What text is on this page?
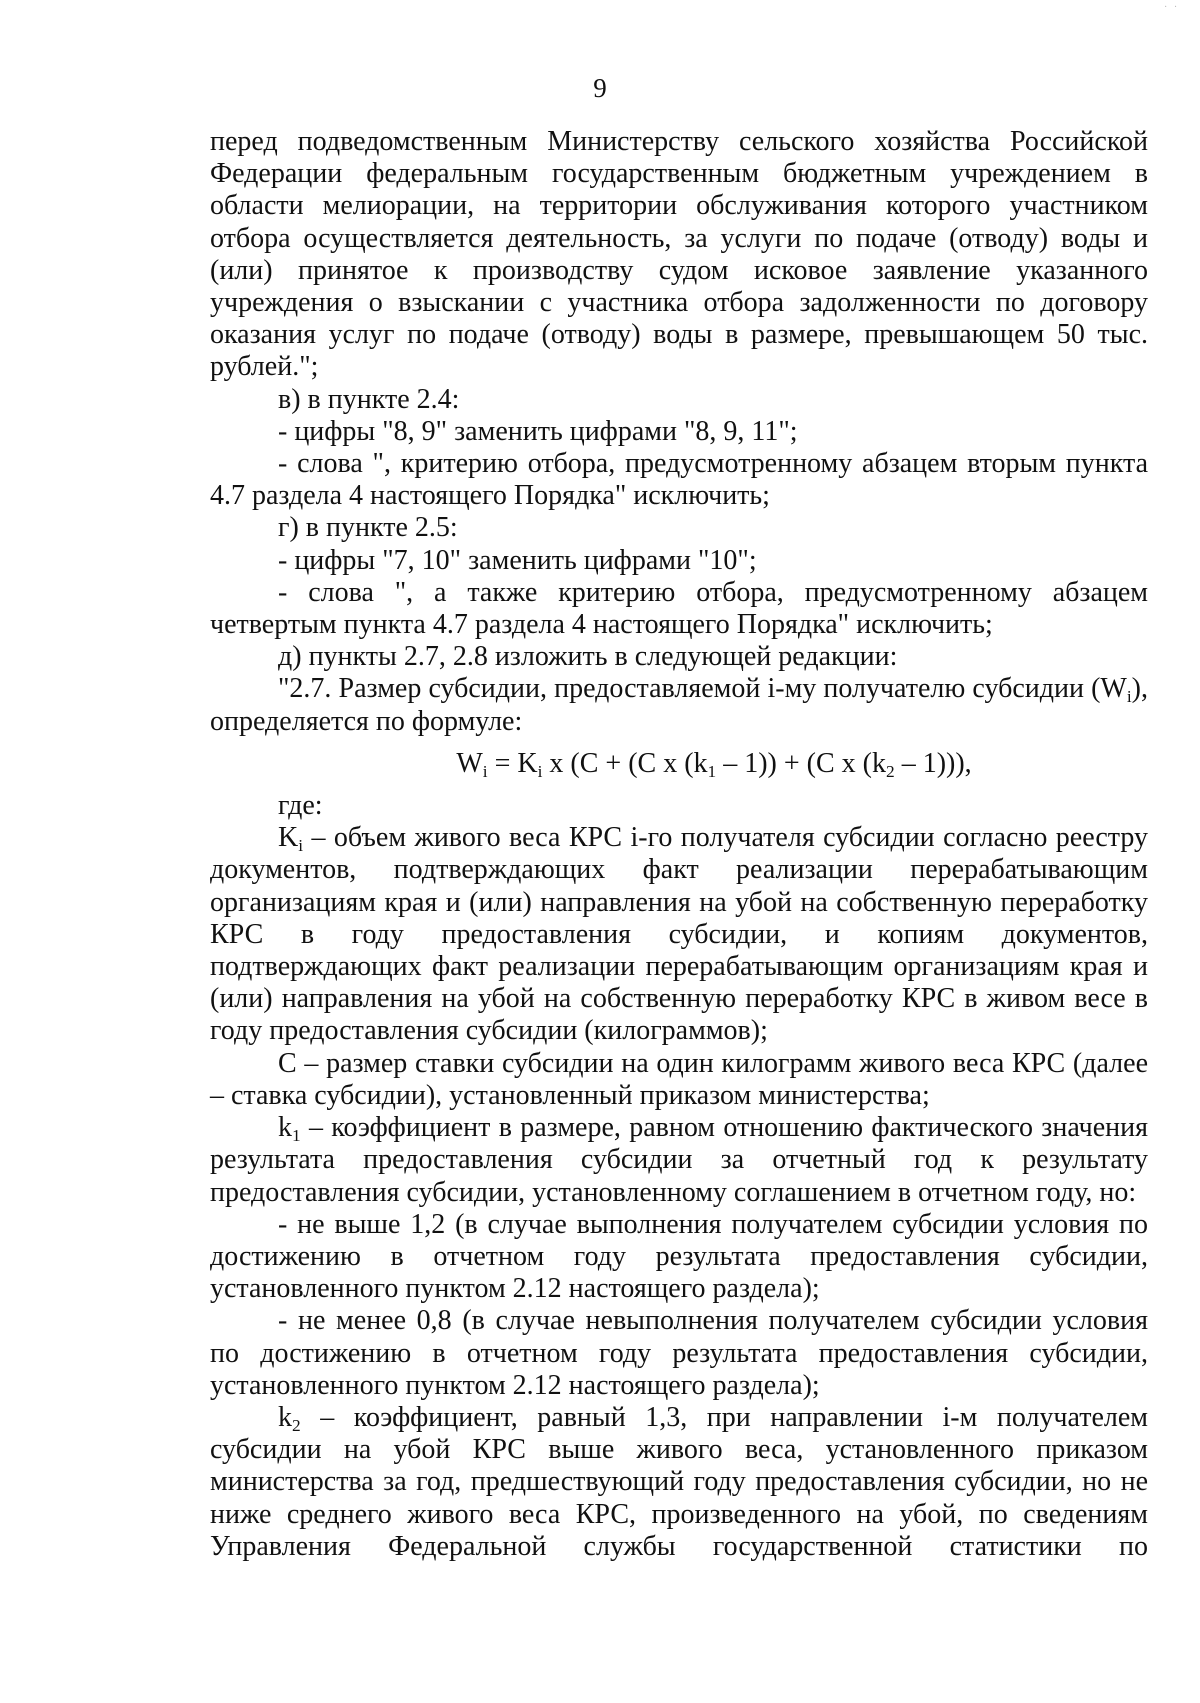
· ·
9

перед подведомственным Министерству сельского хозяйства Российской Федерации федеральным государственным бюджетным учреждением в области мелиорации, на территории обслуживания которого участником отбора осуществляется деятельность, за услуги по подаче (отводу) воды и (или) принятое к производству судом исковое заявление указанного учреждения о взыскании с участника отбора задолженности по договору оказания услуг по подаче (отводу) воды в размере, превышающем 50 тыс. рублей.";

в) в пункте 2.4:

- цифры "8, 9" заменить цифрами "8, 9, 11";

- слова ", критерию отбора, предусмотренному абзацем вторым пункта 4.7 раздела 4 настоящего Порядка" исключить;

г) в пункте 2.5:

- цифры "7, 10" заменить цифрами "10";

- слова ", а также критерию отбора, предусмотренному абзацем четвертым пункта 4.7 раздела 4 настоящего Порядка" исключить;

д) пункты 2.7, 2.8 изложить в следующей редакции:

"2.7. Размер субсидии, предоставляемой i-му получателю субсидии $(W_i)$, определяется по формуле:

$W_i = K_i$ x (C + (C x $(k_1 - 1)) + (C$ x $(k_2 - 1)$)),

где:

$K_i$ – объем живого веса КРС i-го получателя субсидии согласно реестру документов, подтверждающих факт реализации перерабатывающим организациям края и (или) направления на убой на собственную переработку КРС в году предоставления субсидии, и копиям документов, подтверждающих факт реализации перерабатывающим организациям края и (или) направления на убой на собственную переработку КРС в живом весе в году предоставления субсидии (килограммов);

С – размер ставки субсидии на один килограмм живого веса КРС (далее – ставка субсидии), установленный приказом министерства;

$k_1$ – коэффициент в размере, равном отношению фактического значения результата предоставления субсидии за отчетный год к результату предоставления субсидии, установленному соглашением в отчетном году, но:

- не выше 1,2 (в случае выполнения получателем субсидии условия по достижению в отчетном году результата предоставления субсидии, установленного пунктом 2.12 настоящего раздела);

- не менее 0,8 (в случае невыполнения получателем субсидии условия по достижению в отчетном году результата предоставления субсидии, установленного пунктом 2.12 настоящего раздела);

$k_2$ – коэффициент, равный 1,3, при направлении i-м получателем субсидии на убой КРС выше живого веса, установленного приказом министерства за год, предшествующий году предоставления субсидии, но не ниже среднего живого веса КРС, произведенного на убой, по сведениям Управления Федеральной службы государственной статистики по
